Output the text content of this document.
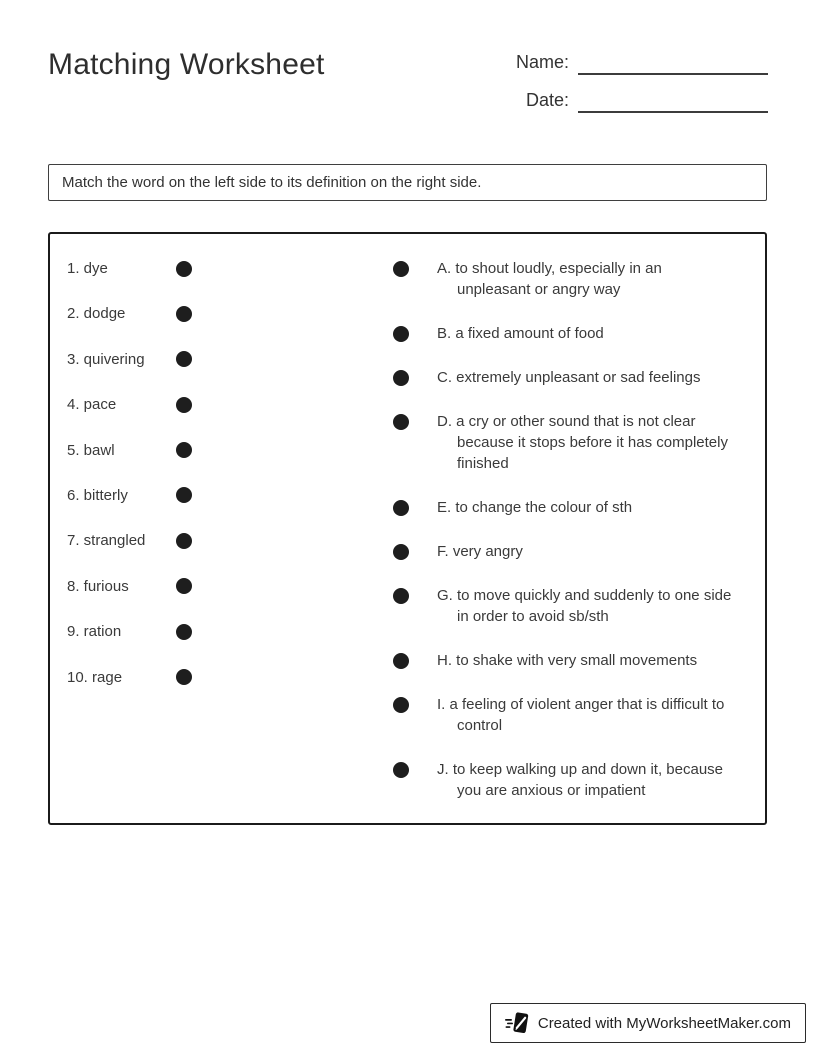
Matching Worksheet	Name:
Date:
Match the word on the left side to its definition on the right side.
1. dye
2. dodge
3. quivering
4. pace
5. bawl
6. bitterly
7. strangled
8. furious
9. ration
10. rage
A. to shout loudly, especially in an
unpleasant or angry way
B. a fixed amount of food
C. extremely unpleasant or sad feelings
D. a cry or other sound that is not clear
because it stops before it has completely
finished
E. to change the colour of sth
F. very angry
G. to move quickly and suddenly to one side
in order to avoid sb/sth
H. to shake with very small movements
I. a feeling of violent anger that is difficult to
control
J. to keep walking up and down it, because
you are anxious or impatient
Created with MyWorksheetMaker.com
